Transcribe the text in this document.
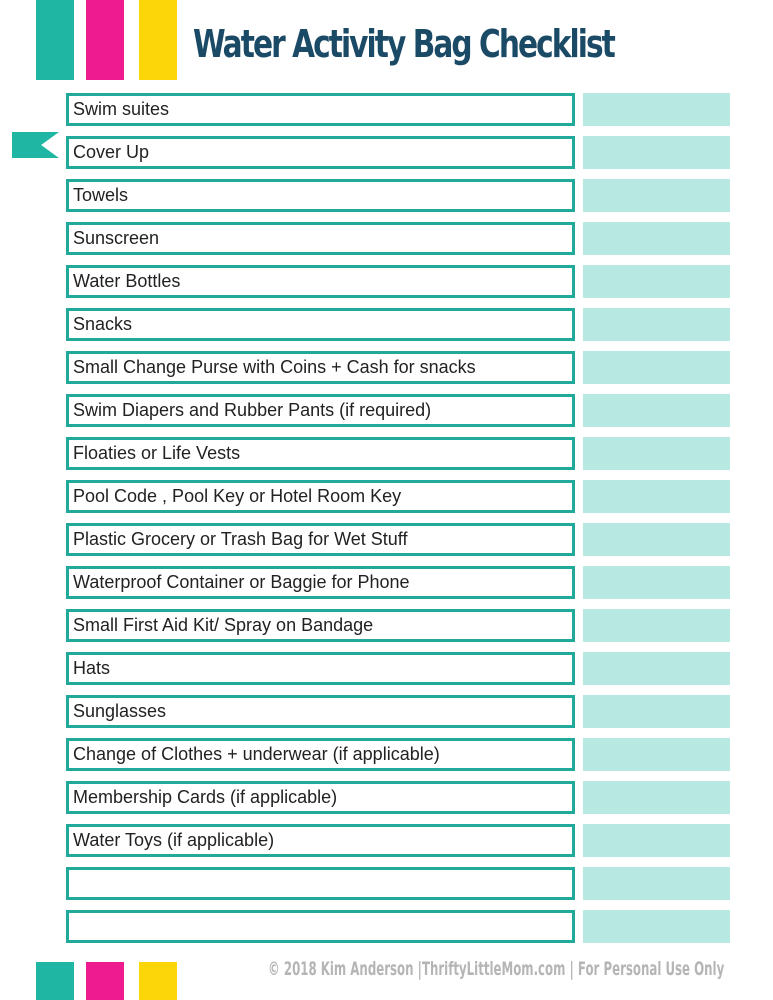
Water Activity Bag Checklist
Swim suites
Cover Up
Towels
Sunscreen
Water Bottles
Snacks
Small Change Purse with Coins + Cash for snacks
Swim Diapers and Rubber Pants (if required)
Floaties or Life Vests
Pool Code , Pool Key or Hotel Room Key
Plastic Grocery or Trash Bag for Wet Stuff
Waterproof Container or Baggie for Phone
Small First Aid Kit/ Spray on Bandage
Hats
Sunglasses
Change of Clothes + underwear (if applicable)
Membership Cards (if applicable)
Water Toys (if applicable)
© 2018 Kim Anderson |ThriftyLittleMom.com | For Personal Use Only
